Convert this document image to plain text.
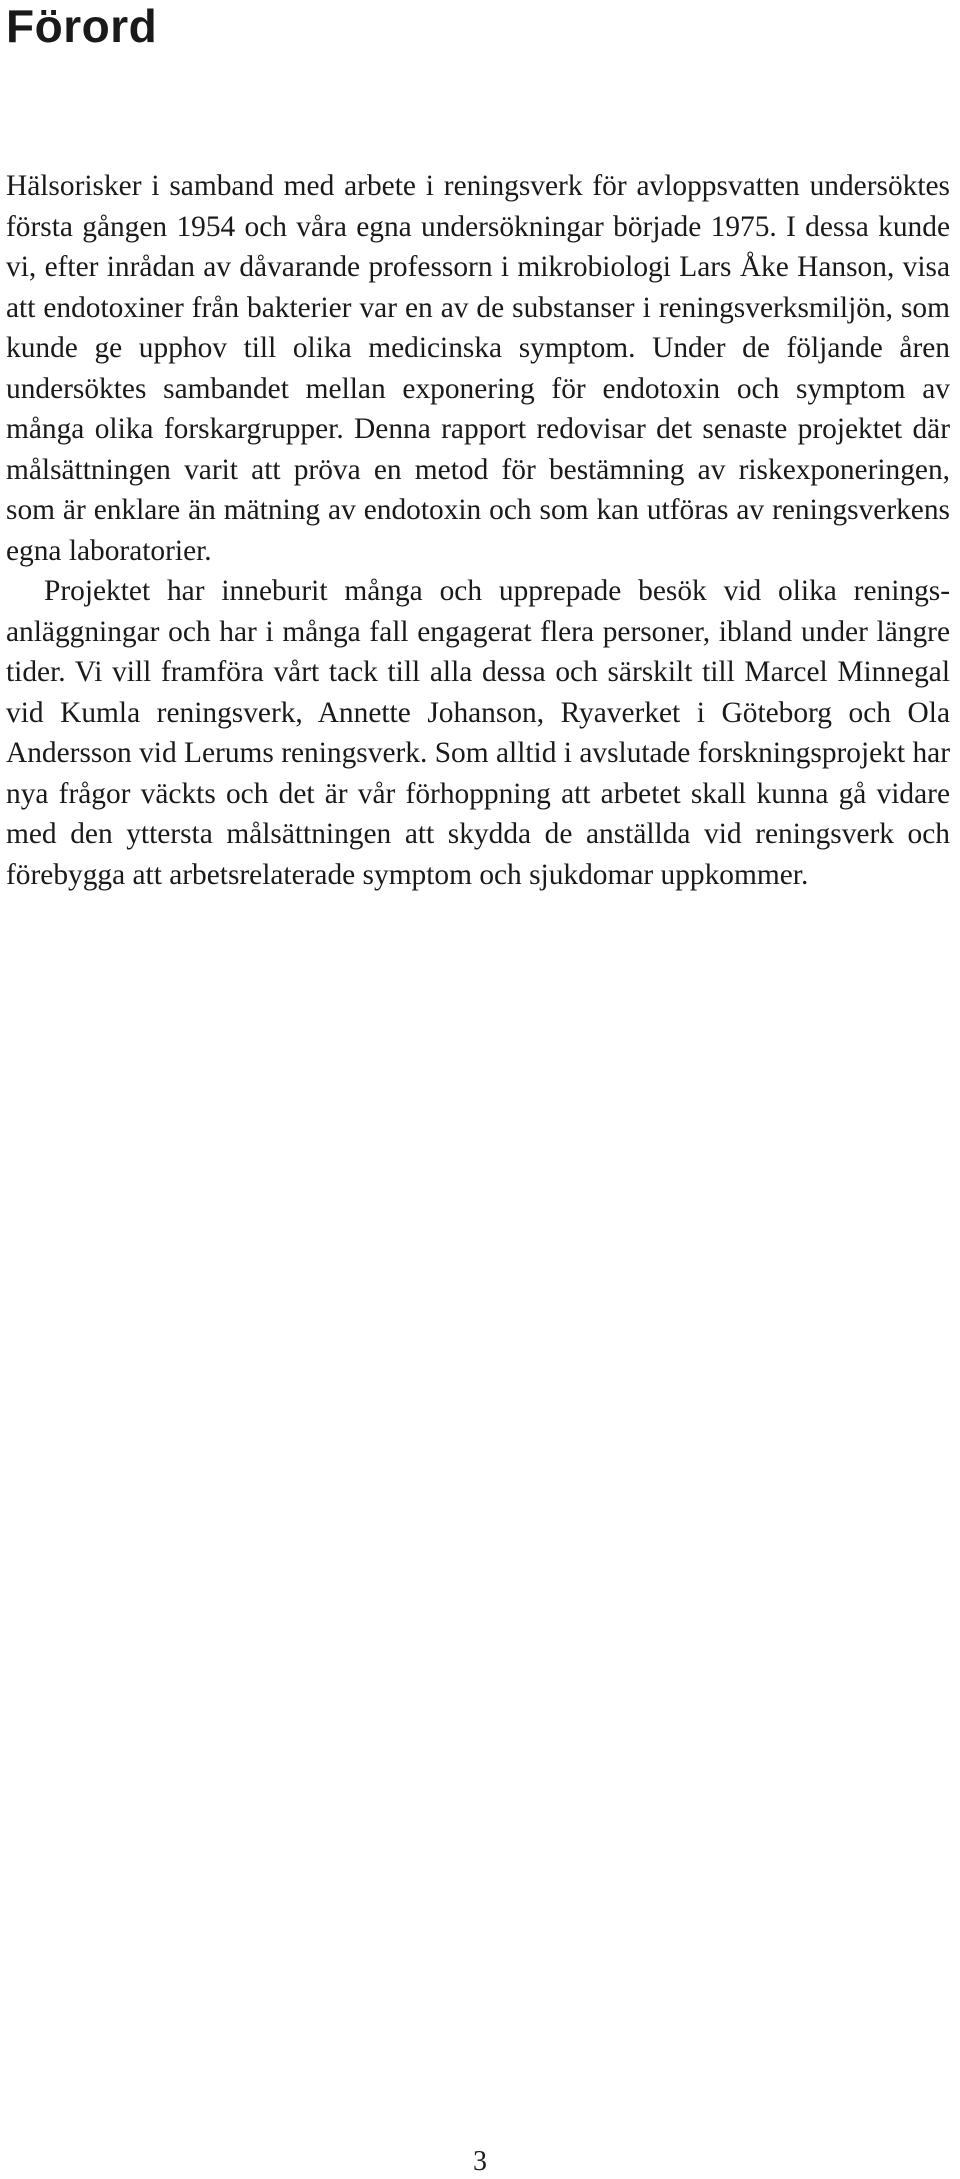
Förord

Hälsorisker i samband med arbete i reningsverk för avloppsvatten undersöktes första gången 1954 och våra egna undersökningar började 1975. I dessa kunde vi, efter inrådan av dåvarande professorn i mikrobiologi Lars Åke Hanson, visa att endotoxiner från bakterier var en av de substanser i reningsverksmiljön, som kunde ge upphov till olika medicinska symptom. Under de följande åren undersöktes sambandet mellan exponering för endotoxin och symptom av många olika forskargrupper. Denna rapport redovisar det senaste projektet där målsättningen varit att pröva en metod för bestämning av riskexponeringen, som är enklare än mätning av endotoxin och som kan utföras av reningsverkens egna laboratorier.

Projektet har inneburit många och upprepade besök vid olika reningsanläggningar och har i många fall engagerat flera personer, ibland under längre tider. Vi vill framföra vårt tack till alla dessa och särskilt till Marcel Minnegal vid Kumla reningsverk, Annette Johanson, Ryaverket i Göteborg och Ola Andersson vid Lerums reningsverk. Som alltid i avslutade forskningsprojekt har nya frågor väckts och det är vår förhoppning att arbetet skall kunna gå vidare med den yttersta målsättningen att skydda de anställda vid reningsverk och förebygga att arbetsrelaterade symptom och sjukdomar uppkommer.

3
